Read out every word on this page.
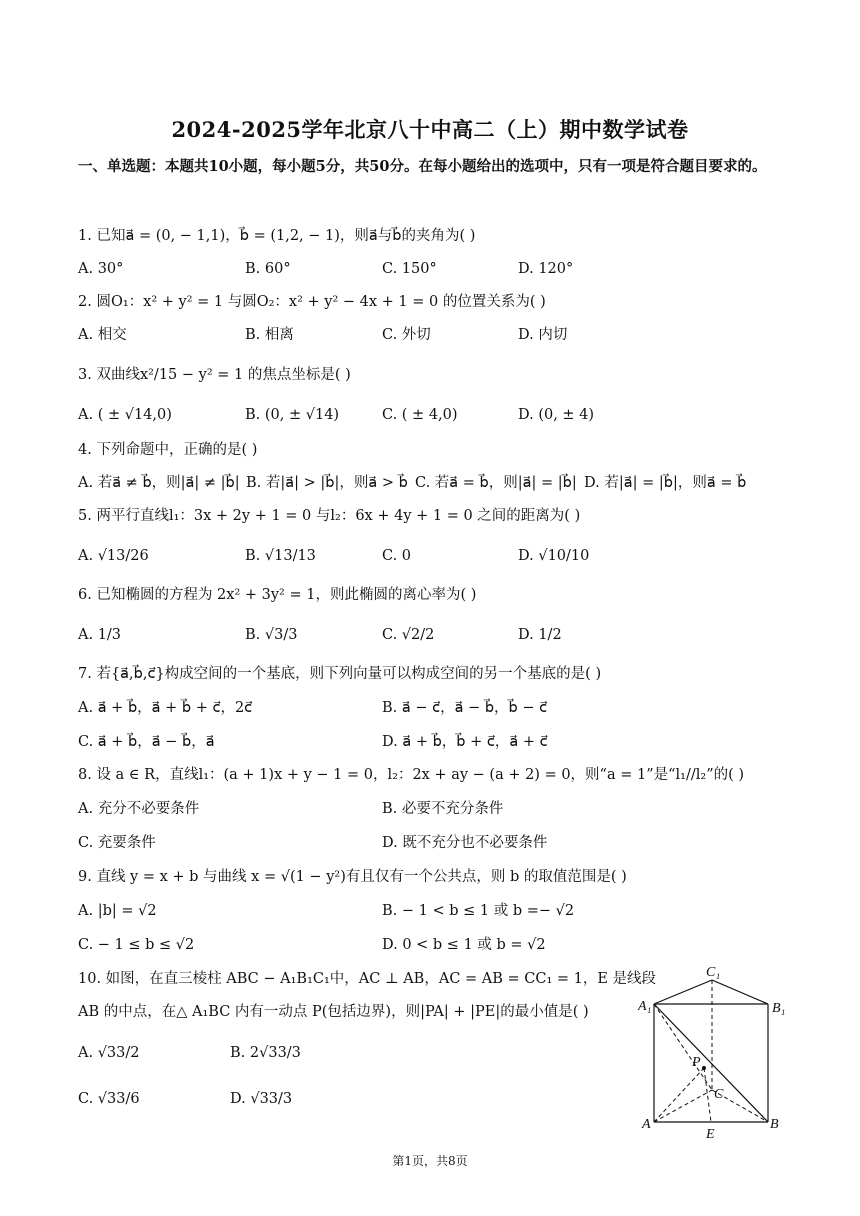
2024-2025学年北京八十中高二（上）期中数学试卷
一、单选题：本题共10小题，每小题5分，共50分。在每小题给出的选项中，只有一项是符合题目要求的。
1. 已知a⃗ = (0, − 1,1)，b⃗ = (1,2, − 1)，则a⃗与b⃗的夹角为( )
A. 30°	B. 60°	C. 150°	D. 120°
2. 圆O₁：x² + y² = 1 与圆O₂：x² + y² − 4x + 1 = 0 的位置关系为( )
A. 相交	B. 相离	C. 外切	D. 内切
3. 双曲线x²/15 − y² = 1 的焦点坐标是( )
A. ( ± √14,0)	B. (0, ± √14)	C. ( ± 4,0)	D. (0, ± 4)
4. 下列命题中，正确的是( )
A. 若a⃗ ≠ b⃗，则|a⃗| ≠ |b⃗| B. 若|a⃗| > |b⃗|，则a⃗ > b⃗ C. 若a⃗ = b⃗，则|a⃗| = |b⃗| D. 若|a⃗| = |b⃗|，则a⃗ = b⃗
5. 两平行直线l₁：3x + 2y + 1 = 0 与l₂：6x + 4y + 1 = 0 之间的距离为( )
A. √13/26	B. √13/13	C. 0	D. √10/10
6. 已知椭圆的方程为 2x² + 3y² = 1，则此椭圆的离心率为( )
A. 1/3	B. √3/3	C. √2/2	D. 1/2
7. 若{a⃗,b⃗,c⃗}构成空间的一个基底，则下列向量可以构成空间的另一个基底的是( )
A. a⃗ + b⃗，a⃗ + b⃗ + c⃗，2c⃗	B. a⃗ − c⃗，a⃗ − b⃗，b⃗ − c⃗
C. a⃗ + b⃗，a⃗ − b⃗，a⃗	D. a⃗ + b⃗，b⃗ + c⃗，a⃗ + c⃗
8. 设 a ∈ R，直线l₁：(a + 1)x + y − 1 = 0，l₂：2x + ay − (a + 2) = 0，则“a = 1”是“l₁//l₂”的( )
A. 充分不必要条件	B. 必要不充分条件
C. 充要条件	D. 既不充分也不必要条件
9. 直线 y = x + b 与曲线 x = √(1 − y²)有且仅有一个公共点，则 b 的取值范围是( )
A. |b| = √2	B. − 1 < b ≤ 1 或 b =− √2
C. − 1 ≤ b ≤ √2	D. 0 < b ≤ 1 或 b = √2
10. 如图，在直三棱柱 ABC − A₁B₁C₁中，AC ⊥ AB，AC = AB = CC₁ = 1，E 是线段
AB 的中点，在△ A₁BC 内有一动点 P(包括边界)，则|PA| + |PE|的最小值是( )
A. √33/2	B. 2√33/3
C. √33/6	D. √33/3
C₁
A₁	B₁
P
C
A
E
B
第1页，共8页
